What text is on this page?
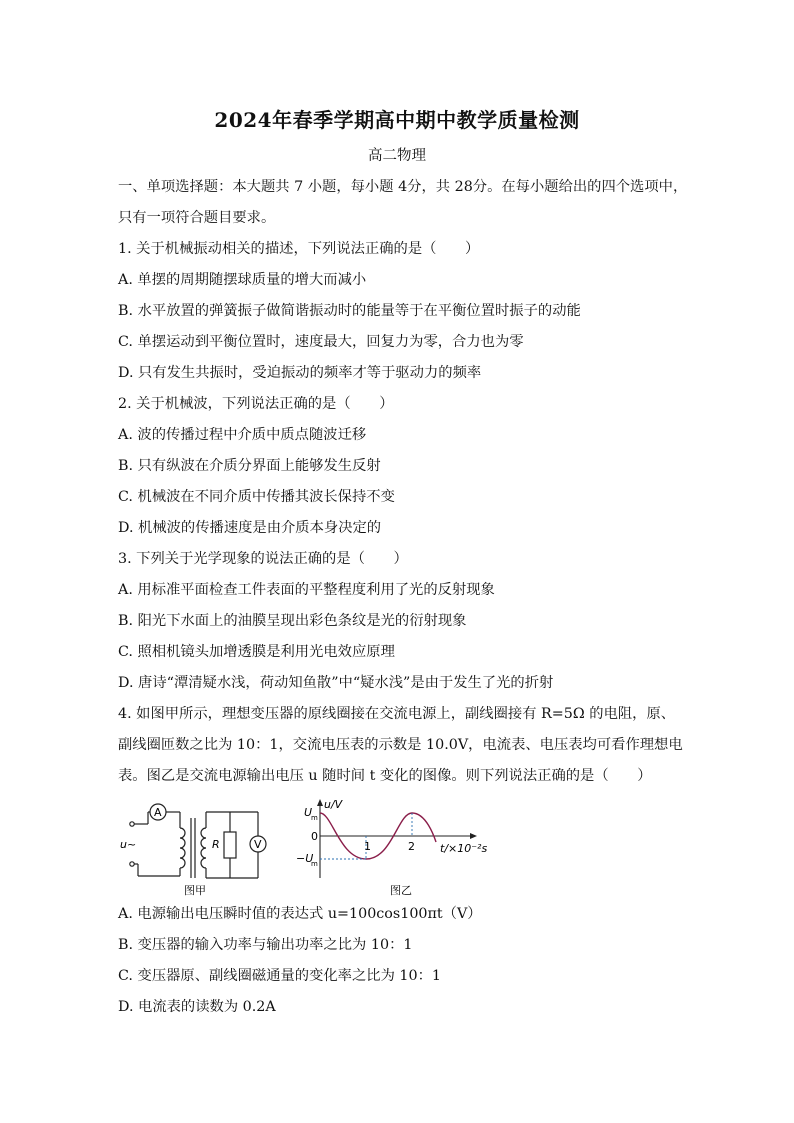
2024年春季学期高中期中教学质量检测
高二物理
一、单项选择题：本大题共 7 小题，每小题 4分，共 28分。在每小题给出的四个选项中，
只有一项符合题目要求。
1. 关于机械振动相关的描述，下列说法正确的是（　　）
A. 单摆的周期随摆球质量的增大而减小
B. 水平放置的弹簧振子做简谐振动时的能量等于在平衡位置时振子的动能
C. 单摆运动到平衡位置时，速度最大，回复力为零，合力也为零
D. 只有发生共振时，受迫振动的频率才等于驱动力的频率
2. 关于机械波，下列说法正确的是（　　）
A. 波的传播过程中介质中质点随波迁移
B. 只有纵波在介质分界面上能够发生反射
C. 机械波在不同介质中传播其波长保持不变
D. 机械波的传播速度是由介质本身决定的
3. 下列关于光学现象的说法正确的是（　　）
A. 用标准平面检查工件表面的平整程度利用了光的反射现象
B. 阳光下水面上的油膜呈现出彩色条纹是光的衍射现象
C. 照相机镜头加增透膜是利用光电效应原理
D. 唐诗“潭清疑水浅，荷动知鱼散”中“疑水浅”是由于发生了光的折射
4. 如图甲所示，理想变压器的原线圈接在交流电源上，副线圈接有 R=5Ω 的电阻，原、
副线圈匝数之比为 10：1，交流电压表的示数是 10.0V，电流表、电压表均可看作理想电
表。图乙是交流电源输出电压 u 随时间 t 变化的图像。则下列说法正确的是（　　）
A
V
R
u~
图甲
u/V
U
m
0
−U
m
1	2 t/×10⁻²s
图乙
A. 电源输出电压瞬时值的表达式 u=100cos100πt（V）
B. 变压器的输入功率与输出功率之比为 10：1
C. 变压器原、副线圈磁通量的变化率之比为 10：1
D. 电流表的读数为 0.2A
